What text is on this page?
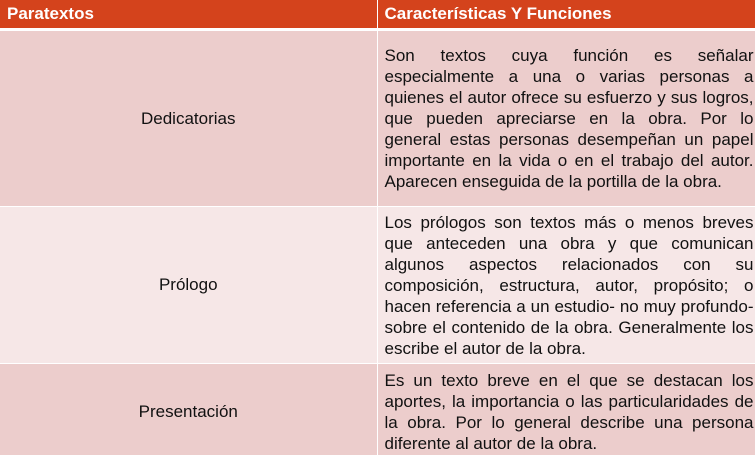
Paratextos	Características Y Funciones
Dedicatorias	Son textos cuya función es señalar especialmente a una o varias personas a quienes el autor ofrece su esfuerzo y sus logros, que pueden apreciarse en la obra. Por lo general estas personas desempeñan un papel importante en la vida o en el trabajo del autor. Aparecen enseguida de la portilla de la obra.
Prólogo	Los prólogos son textos más o menos breves que anteceden una obra y que comunican algunos aspectos relacionados con su composición, estructura, autor, propósito; o hacen referencia a un estudio- no muy profundo- sobre el contenido de la obra. Generalmente los escribe el autor de la obra.
Presentación	Es un texto breve en el que se destacan los aportes, la importancia o las particularidades de la obra. Por lo general describe una persona diferente al autor de la obra.
